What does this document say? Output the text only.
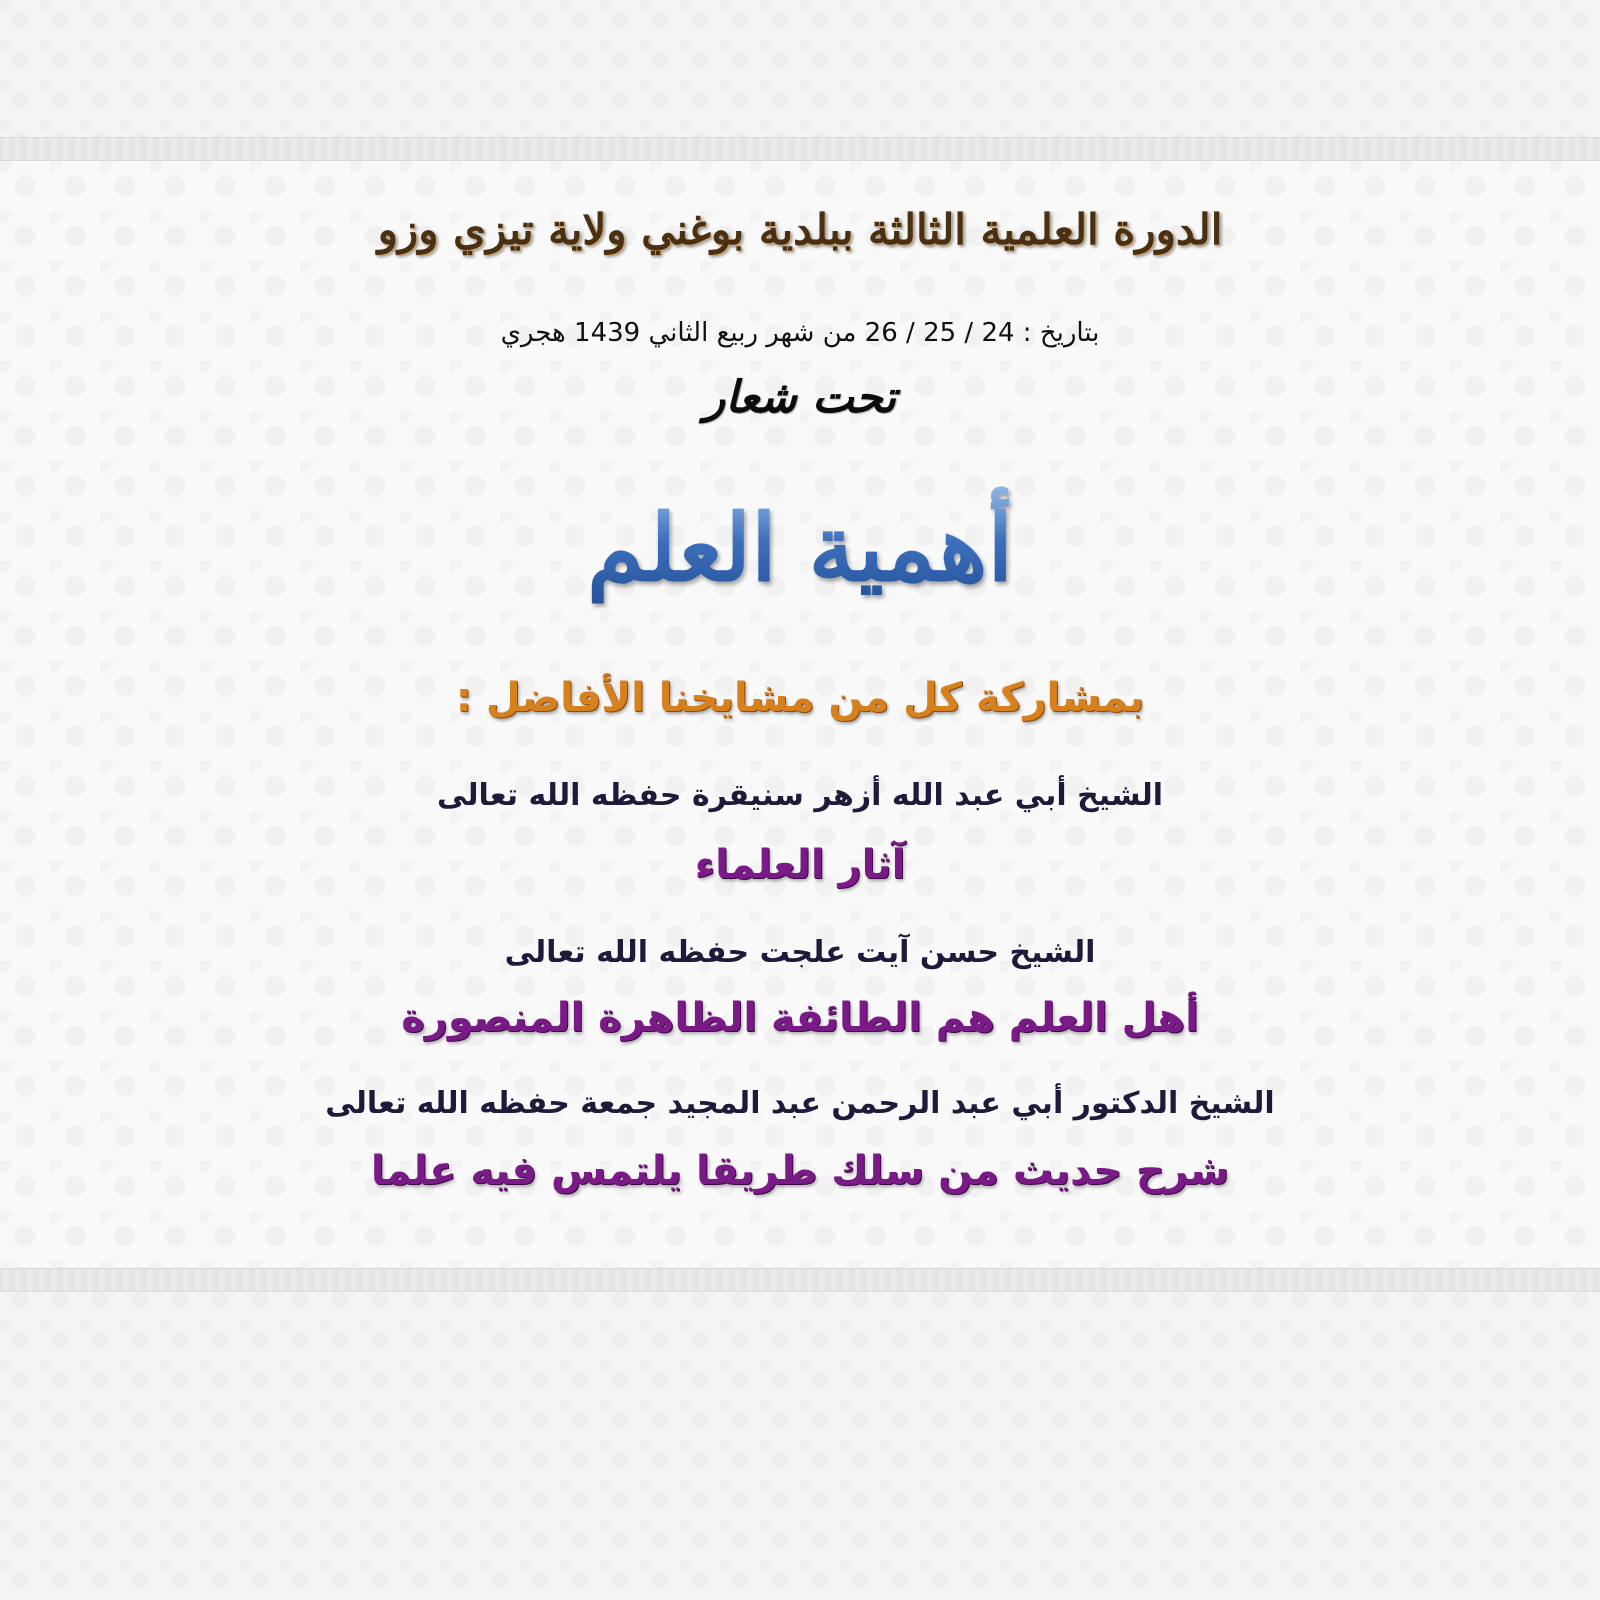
الدورة العلمية الثالثة ببلدية بوغني ولاية تيزي وزو

بتاريخ : 24 / 25 / 26 من شهر ربيع الثاني 1439 هجري

تحت شعار

أهمية العلم

بمشاركة كل من مشايخنا الأفاضل :

الشيخ أبي عبد الله أزهر سنيقرة حفظه الله تعالى

آثار العلماء

الشيخ حسن آيت علجت حفظه الله تعالى

أهل العلم هم الطائفة الظاهرة المنصورة

الشيخ الدكتور أبي عبد الرحمن عبد المجيد جمعة حفظه الله تعالى

شرح حديث من سلك طريقا يلتمس فيه علما
